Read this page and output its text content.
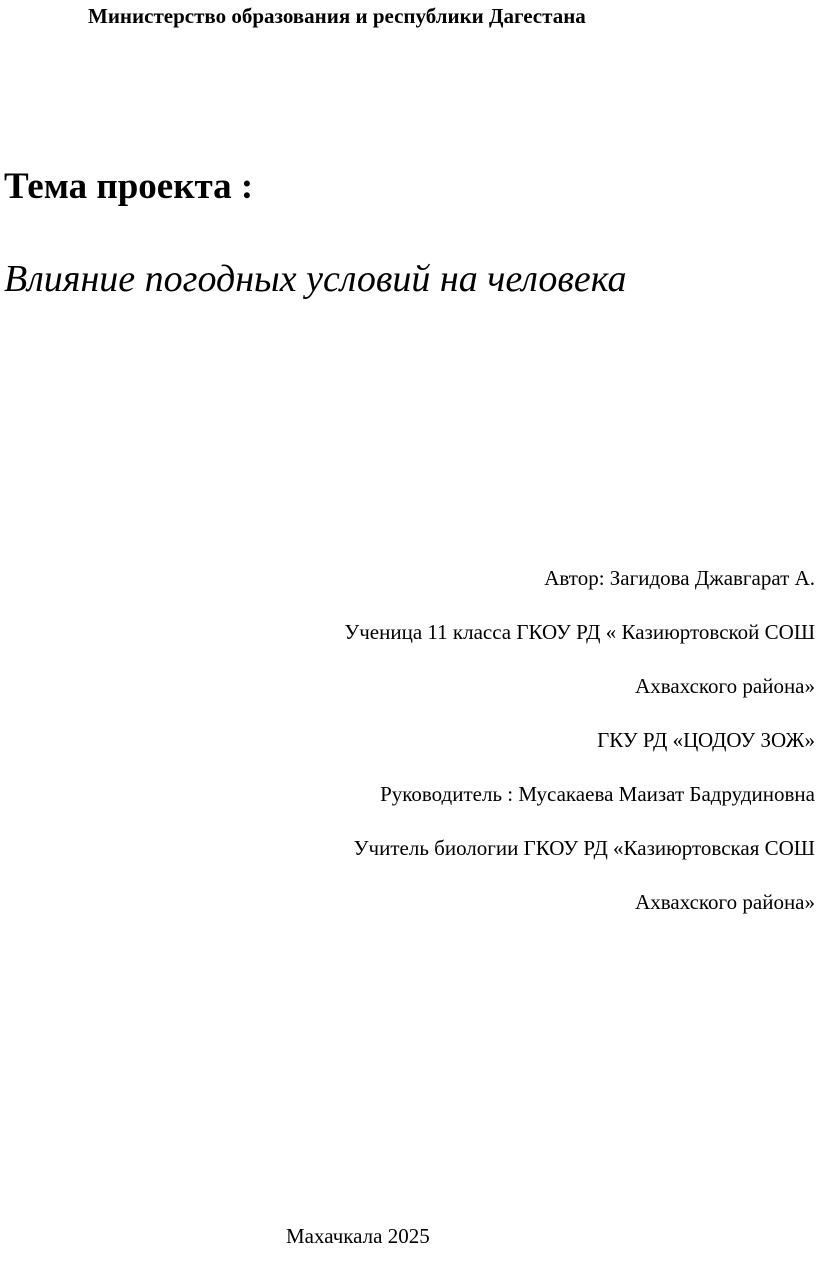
Министерство образования и республики Дагестана
Тема проекта :
Влияние погодных условий на человека
Автор: Загидова Джавгарат А.
Ученица 11 класса ГКОУ РД « Казиюртовской СОШ
Ахвахского района»
ГКУ РД «ЦОДОУ ЗОЖ»
Руководитель : Мусакаева Маизат Бадрудиновна
Учитель биологии ГКОУ РД «Казиюртовская СОШ
Ахвахского района»
Махачкала 2025
